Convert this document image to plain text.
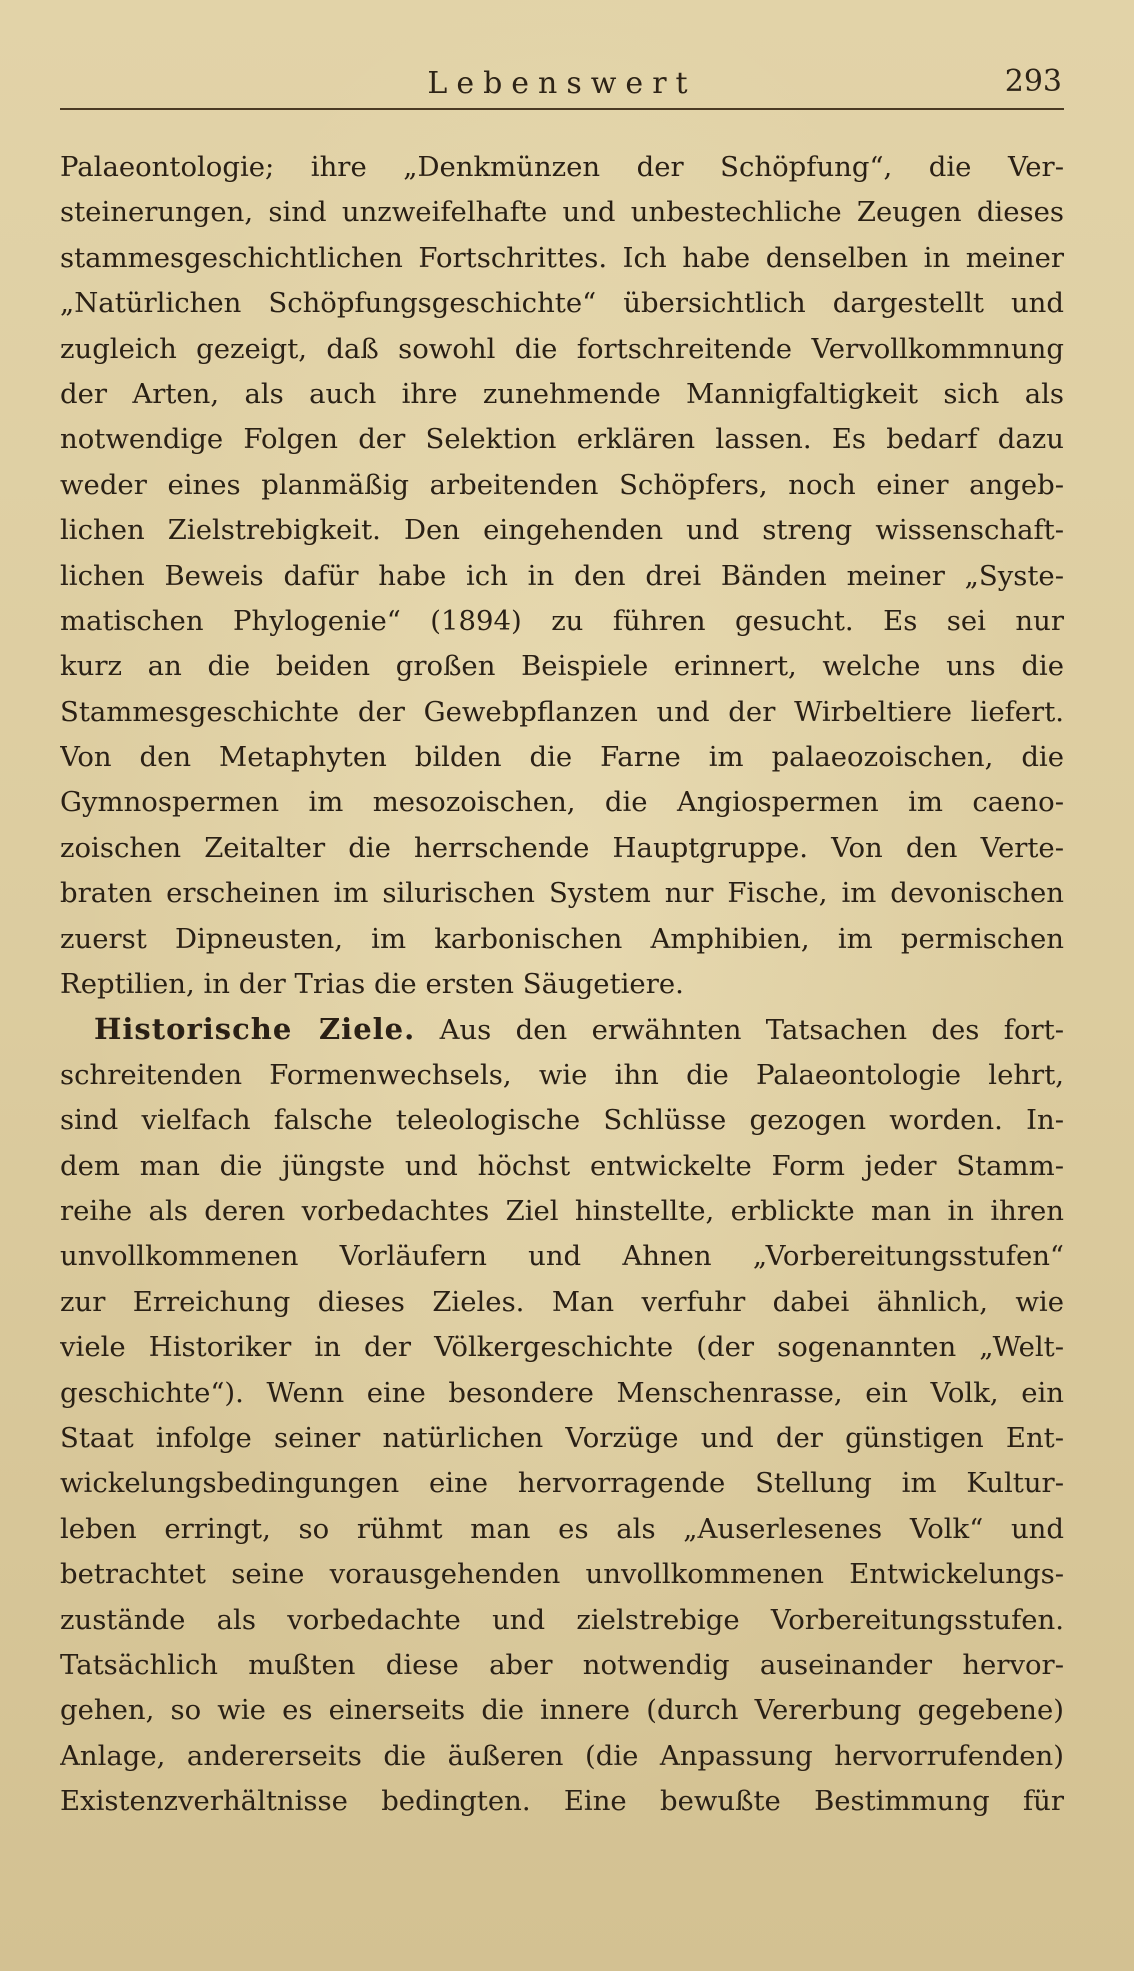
Lebenswert	293
Palaeontologie; ihre „Denkmünzen der Schöpfung“, die Ver-
steinerungen, sind unzweifelhafte und unbestechliche Zeugen dieses
stammesgeschichtlichen Fortschrittes. Ich habe denselben in meiner
„Natürlichen Schöpfungsgeschichte“ übersichtlich dargestellt und
zugleich gezeigt, daß sowohl die fortschreitende Vervollkommnung
der Arten, als auch ihre zunehmende Mannigfaltigkeit sich als
notwendige Folgen der Selektion erklären lassen. Es bedarf dazu
weder eines planmäßig arbeitenden Schöpfers, noch einer angeb-
lichen Zielstrebigkeit. Den eingehenden und streng wissenschaft-
lichen Beweis dafür habe ich in den drei Bänden meiner „Syste-
matischen Phylogenie“ (1894) zu führen gesucht. Es sei nur
kurz an die beiden großen Beispiele erinnert, welche uns die
Stammesgeschichte der Gewebpflanzen und der Wirbeltiere liefert.
Von den Metaphyten bilden die Farne im palaeozoischen, die
Gymnospermen im mesozoischen, die Angiospermen im caeno-
zoischen Zeitalter die herrschende Hauptgruppe. Von den Verte-
braten erscheinen im silurischen System nur Fische, im devonischen
zuerst Dipneusten, im karbonischen Amphibien, im permischen
Reptilien, in der Trias die ersten Säugetiere.
Historische Ziele. Aus den erwähnten Tatsachen des fort-
schreitenden Formenwechsels, wie ihn die Palaeontologie lehrt,
sind vielfach falsche teleologische Schlüsse gezogen worden. In-
dem man die jüngste und höchst entwickelte Form jeder Stamm-
reihe als deren vorbedachtes Ziel hinstellte, erblickte man in ihren
unvollkommenen Vorläufern und Ahnen „Vorbereitungsstufen“
zur Erreichung dieses Zieles. Man verfuhr dabei ähnlich, wie
viele Historiker in der Völkergeschichte (der sogenannten „Welt-
geschichte“). Wenn eine besondere Menschenrasse, ein Volk, ein
Staat infolge seiner natürlichen Vorzüge und der günstigen Ent-
wickelungsbedingungen eine hervorragende Stellung im Kultur-
leben erringt, so rühmt man es als „Auserlesenes Volk“ und
betrachtet seine vorausgehenden unvollkommenen Entwickelungs-
zustände als vorbedachte und zielstrebige Vorbereitungsstufen.
Tatsächlich mußten diese aber notwendig auseinander hervor-
gehen, so wie es einerseits die innere (durch Vererbung gegebene)
Anlage, andererseits die äußeren (die Anpassung hervorrufenden)
Existenzverhältnisse bedingten. Eine bewußte Bestimmung für
